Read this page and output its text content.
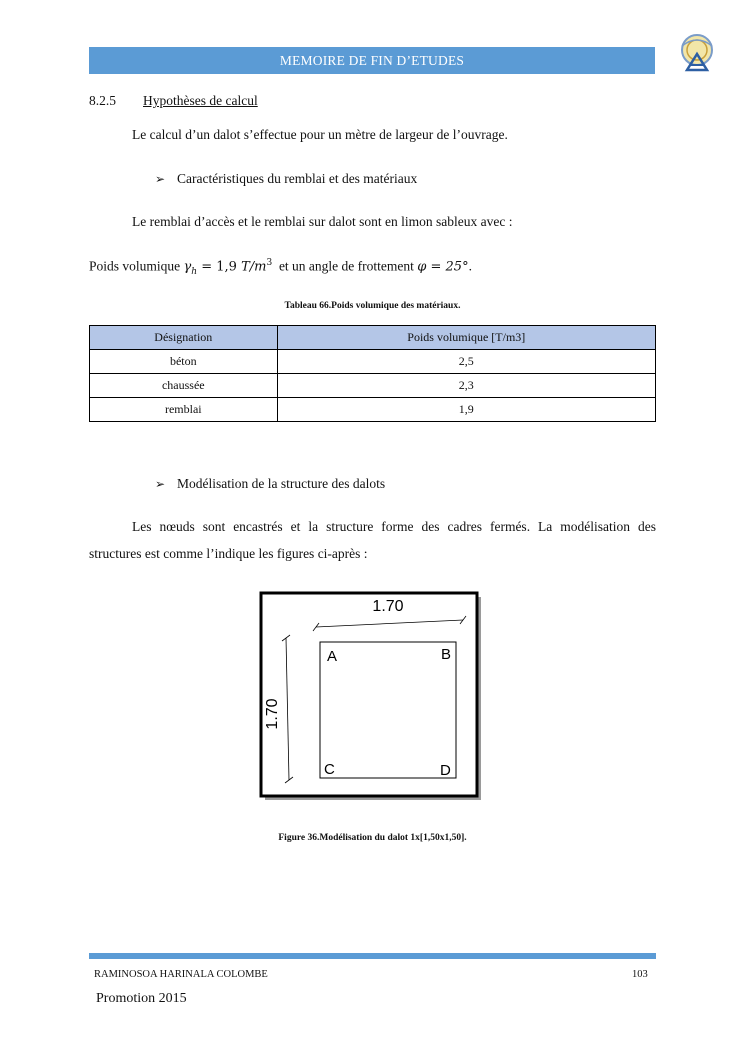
MEMOIRE DE FIN D’ETUDES
8.2.5 Hypothèses de calcul
Le calcul d’un dalot s’effectue pour un mètre de largeur de l’ouvrage.
➢ Caractéristiques du remblai et des matériaux
Le remblai d’accès et le remblai sur dalot sont en limon sableux avec :
Poids volumique $\gamma_h = 1,9$ $T/m^3$ et un angle de frottement φ = 25°.
Tableau 66.Poids volumique des matériaux.
Désignation	Poids volumique [T/m3]
béton	2,5
chaussée	2,3
remblai	1,9
➢ Modélisation de la structure des dalots
Les nœuds sont encastrés et la structure forme des cadres fermés. La modélisation des
structures est comme l’indique les figures ci-après :
1.70
1.70
A	B
C	D
Figure 36.Modélisation du dalot 1x[1,50x1,50].
RAMINOSOA HARINALA COLOMBE	103
Promotion 2015
